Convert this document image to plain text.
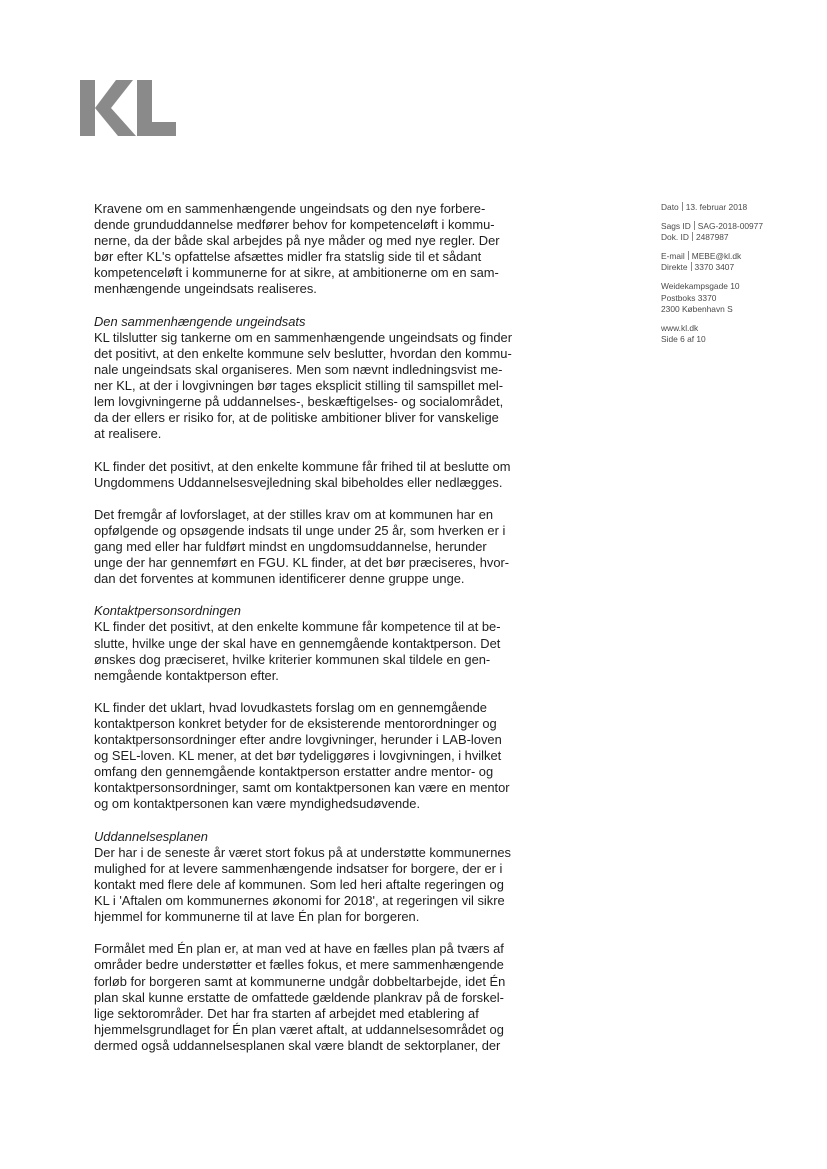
Dato 13. februar 2018
Sags ID SAG-2018-00977
Dok. ID 2487987
E-mail MEBE@kl.dk
Direkte 3370 3407
Weidekampsgade 10
Postboks 3370
2300 København S
www.kl.dk
Side 6 af 10

Kravene om en sammenhængende ungeindsats og den nye forbere-
dende grunduddannelse medfører behov for kompetenceløft i kommu-
nerne, da der både skal arbejdes på nye måder og med nye regler. Der
bør efter KL's opfattelse afsættes midler fra statslig side til et sådant
kompetenceløft i kommunerne for at sikre, at ambitionerne om en sam-
menhængende ungeindsats realiseres.

Den sammenhængende ungeindsats

KL tilslutter sig tankerne om en sammenhængende ungeindsats og finder
det positivt, at den enkelte kommune selv beslutter, hvordan den kommu-
nale ungeindsats skal organiseres. Men som nævnt indledningsvist me-
ner KL, at der i lovgivningen bør tages eksplicit stilling til samspillet mel-
lem lovgivningerne på uddannelses-, beskæftigelses- og socialområdet,
da der ellers er risiko for, at de politiske ambitioner bliver for vanskelige
at realisere.

KL finder det positivt, at den enkelte kommune får frihed til at beslutte om
Ungdommens Uddannelsesvejledning skal bibeholdes eller nedlægges.

Det fremgår af lovforslaget, at der stilles krav om at kommunen har en
opfølgende og opsøgende indsats til unge under 25 år, som hverken er i
gang med eller har fuldført mindst en ungdomsuddannelse, herunder
unge der har gennemført en FGU. KL finder, at det bør præciseres, hvor-
dan det forventes at kommunen identificerer denne gruppe unge.

Kontaktpersonsordningen

KL finder det positivt, at den enkelte kommune får kompetence til at be-
slutte, hvilke unge der skal have en gennemgående kontaktperson. Det
ønskes dog præciseret, hvilke kriterier kommunen skal tildele en gen-
nemgående kontaktperson efter.

KL finder det uklart, hvad lovudkastets forslag om en gennemgående
kontaktperson konkret betyder for de eksisterende mentorordninger og
kontaktpersonsordninger efter andre lovgivninger, herunder i LAB-loven
og SEL-loven. KL mener, at det bør tydeliggøres i lovgivningen, i hvilket
omfang den gennemgående kontaktperson erstatter andre mentor- og
kontaktpersonsordninger, samt om kontaktpersonen kan være en mentor
og om kontaktpersonen kan være myndighedsudøvende.

Uddannelsesplanen

Der har i de seneste år været stort fokus på at understøtte kommunernes
mulighed for at levere sammenhængende indsatser for borgere, der er i
kontakt med flere dele af kommunen. Som led heri aftalte regeringen og
KL i 'Aftalen om kommunernes økonomi for 2018', at regeringen vil sikre
hjemmel for kommunerne til at lave Én plan for borgeren.

Formålet med Én plan er, at man ved at have en fælles plan på tværs af
områder bedre understøtter et fælles fokus, et mere sammenhængende
forløb for borgeren samt at kommunerne undgår dobbeltarbejde, idet Én
plan skal kunne erstatte de omfattede gældende plankrav på de forskel-
lige sektorområder. Det har fra starten af arbejdet med etablering af
hjemmelsgrundlaget for Én plan været aftalt, at uddannelsesområdet og
dermed også uddannelsesplanen skal være blandt de sektorplaner, der
